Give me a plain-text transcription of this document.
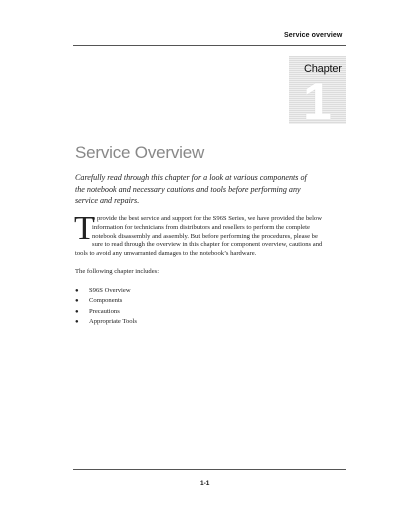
Service overview
Chapter
1
Service Overview
Carefully read through this chapter for a look at various components of
the notebook and necessary cautions and tools before performing any
service and repairs.
T
o provide the best service and support for the S96S Series, we have provided the below
information for technicians from distributors and resellers to perform the complete
notebook disassembly and assembly. But before performing the procedures, please be
sure to read through the overview in this chapter for component overview, cautions and
tools to avoid any unwarranted damages to the notebook’s hardware.
The following chapter includes:
● S96S Overview
● Components
● Precautions
● Appropriate Tools
1-1
